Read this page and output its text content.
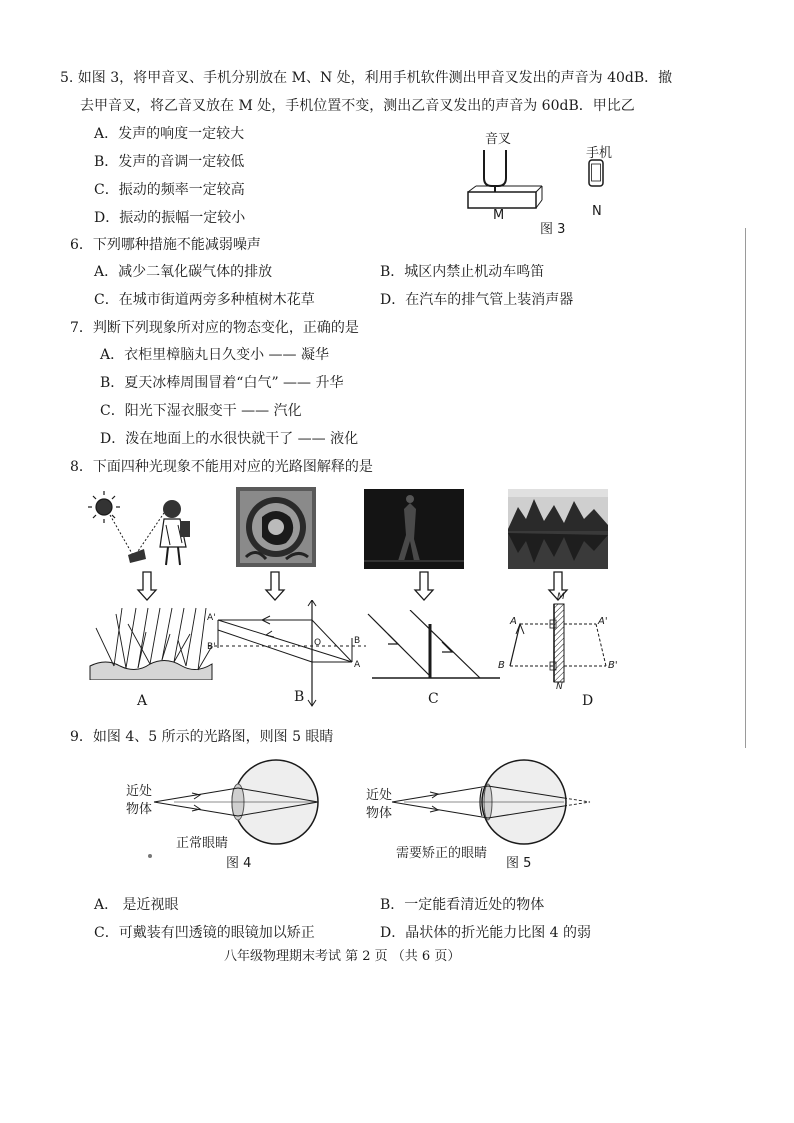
5. 如图 3，将甲音叉、手机分别放在 M、N 处，利用手机软件测出甲音叉发出的声音为 40dB．撤
去甲音叉，将乙音叉放在 M 处，手机位置不变，测出乙音叉发出的声音为 60dB．甲比乙
A．发声的响度一定较大
B．发声的音调一定较低
C．振动的频率一定较高
D．振动的振幅一定较小
音叉
手机
M	N
图 3
6．下列哪种措施不能减弱噪声
A．减少二氧化碳气体的排放	B．城区内禁止机动车鸣笛
C．在城市街道两旁多种植树木花草	D．在汽车的排气管上装消声器
7．判断下列现象所对应的物态变化，正确的是
A．衣柜里樟脑丸日久变小 —— 凝华
B．夏天冰棒周围冒着“白气” —— 升华
C．阳光下湿衣服变干 —— 汽化
D．泼在地面上的水很快就干了 —— 液化
8．下面四种光现象不能用对应的光路图解释的是
A'
B'	O	B
A
M
A	A'
B	B'
N
A	B	C	D
9．如图 4、5 所示的光路图，则图 5 眼睛
近处
物体
正常眼睛
图 4
近处
物体
需要矫正的眼睛
图 5
A． 是近视眼	B．一定能看清近处的物体
C．可戴装有凹透镜的眼镜加以矫正	D．晶状体的折光能力比图 4 的弱
八年级物理期末考试 第 2 页 （共 6 页）
